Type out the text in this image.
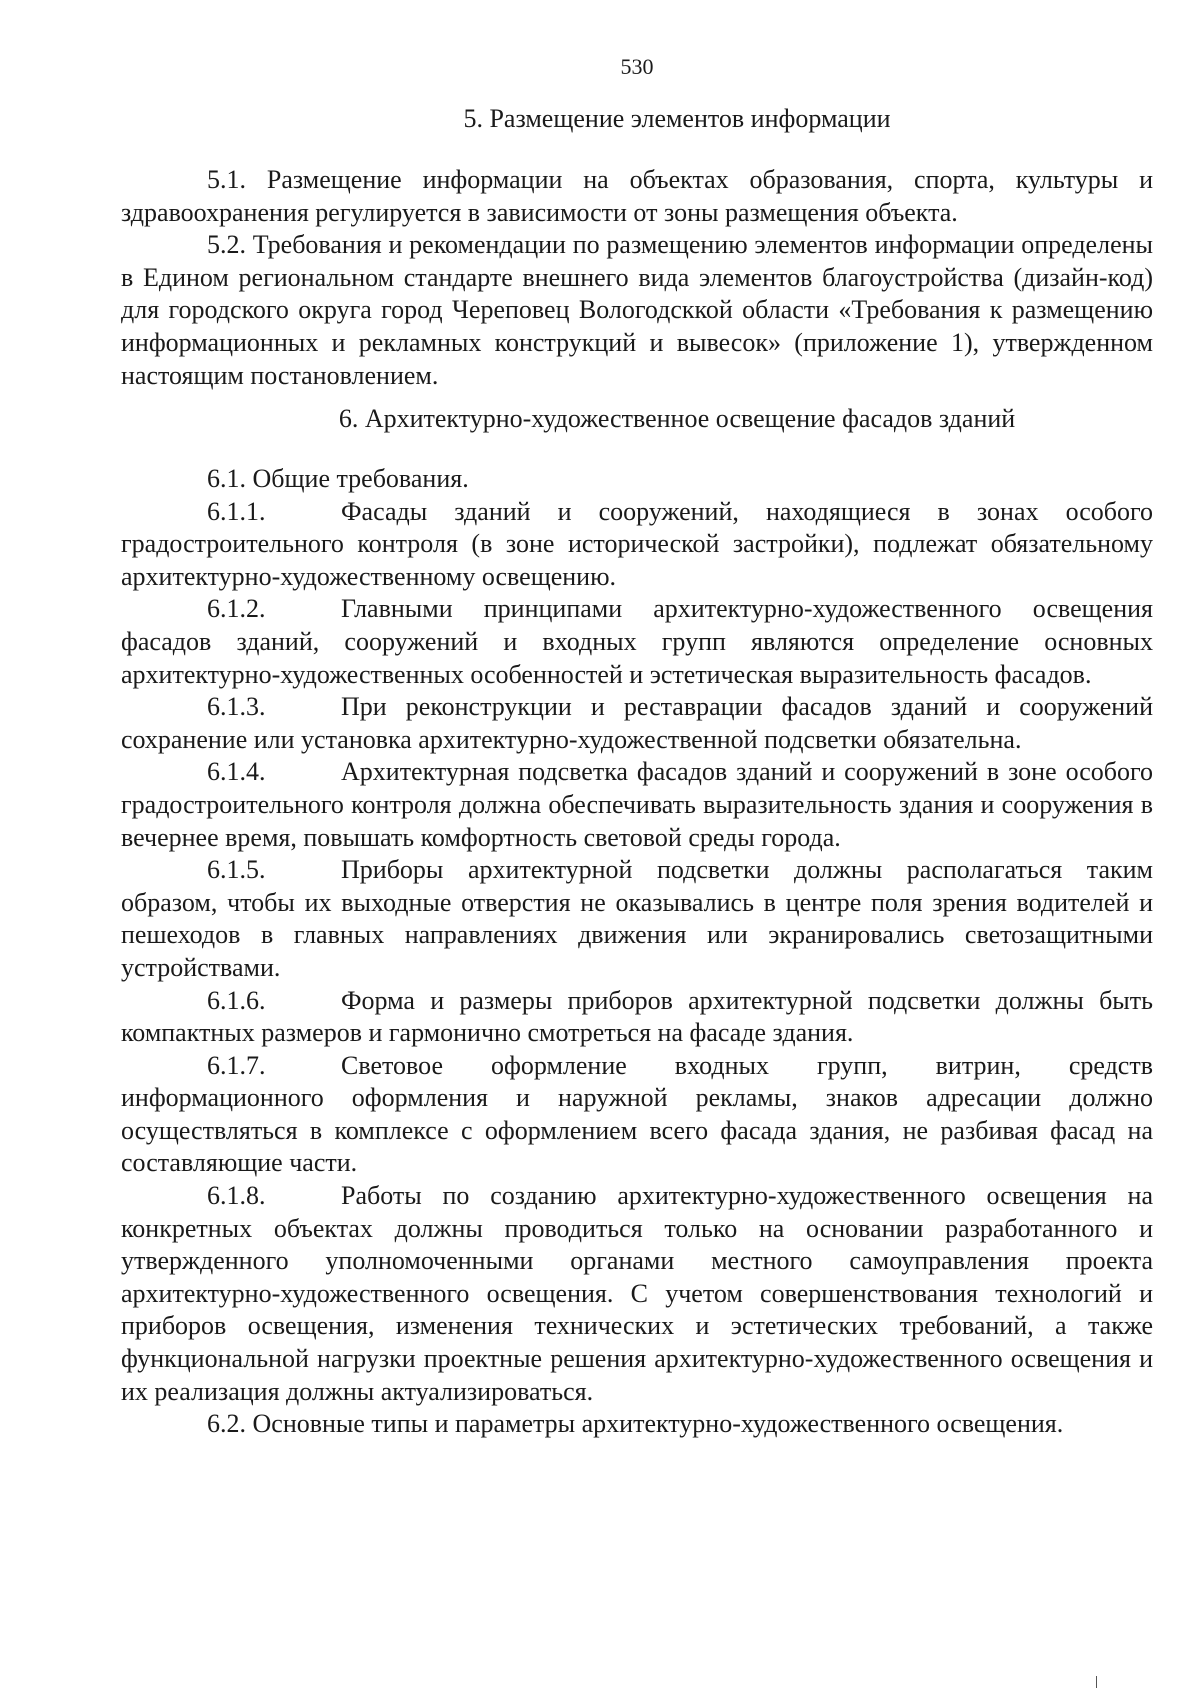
530
5. Размещение элементов информации

5.1. Размещение информации на объектах образования, спорта, культуры и здравоохранения регулируется в зависимости от зоны размещения объекта.

5.2. Требования и рекомендации по размещению элементов информации определены в Едином региональном стандарте внешнего вида элементов благоустройства (дизайн-код) для городского округа город Череповец Вологодсккой области «Требования к размещению информационных и рекламных конструкций и вывесок» (приложение 1), утвержденном настоящим постановлением.

6. Архитектурно-художественное освещение фасадов зданий

6.1. Общие требования.

6.1.1.	Фасады зданий и сооружений, находящиеся в зонах особого градостроительного контроля (в зоне исторической застройки), подлежат обязательному архитектурно-художественному освещению.

6.1.2.	Главными принципами архитектурно-художественного освещения фасадов зданий, сооружений и входных групп являются определение основных архитектурно-художественных особенностей и эстетическая выразительность фасадов.

6.1.3.	При реконструкции и реставрации фасадов зданий и сооружений сохранение или установка архитектурно-художественной подсветки обязательна.

6.1.4.	Архитектурная подсветка фасадов зданий и сооружений в зоне особого градостроительного контроля должна обеспечивать выразительность здания и сооружения в вечернее время, повышать комфортность световой среды города.

6.1.5.	Приборы архитектурной подсветки должны располагаться таким образом, чтобы их выходные отверстия не оказывались в центре поля зрения водителей и пешеходов в главных направлениях движения или экранировались светозащитными устройствами.

6.1.6.	Форма и размеры приборов архитектурной подсветки должны быть компактных размеров и гармонично смотреться на фасаде здания.

6.1.7.	Световое оформление входных групп, витрин, средств информационного оформления и наружной рекламы, знаков адресации должно осуществляться в комплексе с оформлением всего фасада здания, не разбивая фасад на составляющие части.

6.1.8.	Работы по созданию архитектурно-художественного освещения на конкретных объектах должны проводиться только на основании разработанного и утвержденного уполномоченными органами местного самоуправления проекта архитектурно-художественного освещения. С учетом совершенствования технологий и приборов освещения, изменения технических и эстетических требований, а также функциональной нагрузки проектные решения архитектурно-художественного освещения и их реализация должны актуализироваться.

6.2. Основные типы и параметры архитектурно-художественного освещения.
